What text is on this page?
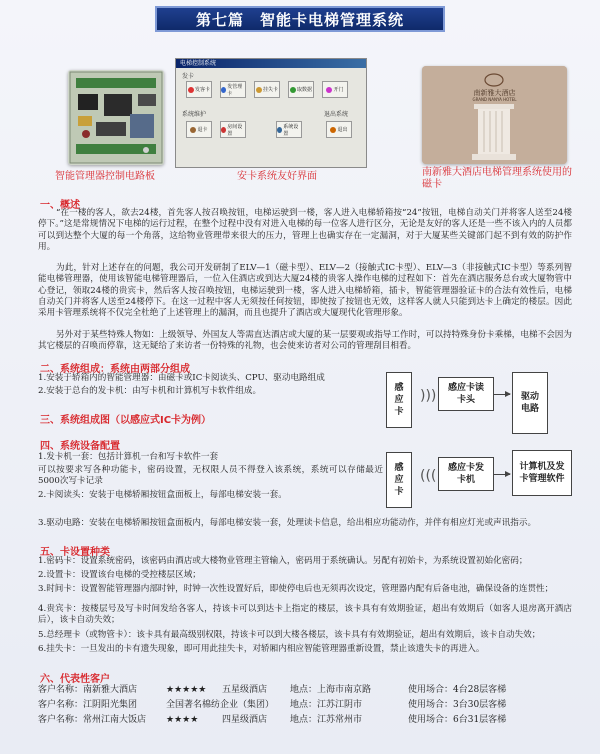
第七篇 智能卡电梯管理系统
智能管理器控制电路板
电梯控制系统
发卡
发客卡
发管理卡
挂失卡	取数据	开门
系统维护	退出系统
退卡
房间设置
系统设置
退出
安卡系统友好界面
南新雅大酒店
GRAND NANYA HOTEL
南新雅大酒店电梯管理系统使用的磁卡
一、概述

“在一楼的客人，欲去24楼，首先客人按召唤按钮，电梯运驶到一楼，客人进入电梯轿箱按“24”按钮，电梯自动关门并将客人送至24楼停下。”这是常规情况下电梯的运行过程，在整个过程中没有对进入电梯的每一位客人进行区分，无论是友好的客人还是一些不该入内的人员都可以到达整个大厦的每一个角落，这给物业管理带来很大的压力，管理上也确实存在一定漏洞，对于大厦某些关键部门起不到有效的防护作用。

为此，针对上述存在的问题，我公司开发研制了ELV—1（磁卡型）、ELV—2（接触式IC卡型）、ELV—3（非接触式IC卡型）等系列智能电梯管理器，使用该智能电梯管理器后，一位入住酒店或到达大厦24楼的贵客人操作电梯的过程如下：首先在酒店服务总台或大厦物管中心登记，领取24楼的贵宾卡，然后客人按召唤按钮，电梯运驶到一楼，客人进入电梯轿箱，插卡，智能管理器验证卡的合法有效性后，电梯自动关门并将客人送至24楼停下。在这一过程中客人无须按任何按钮，即使按了按钮也无效，这样客人就人只能到达卡上确定的楼层。因此采用卡管理系统将不仅完全杜绝了上述管理上的漏洞，而且也提升了酒店或大厦现代化管理形象。

另外对于某些特殊人物如：上级领导、外国友人等需直达酒店或大厦的某一层要观或指导工作时，可以持特殊身份卡乘梯，电梯不会因为其它楼层的召唤而停靠，这无疑给了来访者一份特殊的礼物，也会使来访者对公司的管理刮目相看。

二、系统组成：系统由两部分组成
1.安装于轿箱内的智能管理器：由磁卡或IC卡阅读头、CPU、驱动电路组成
2.安装于总台的发卡机：由写卡机和计算机写卡软件组成。
三、系统组成图（以感应式IC卡为例）
四、系统设备配置
1.发卡机一套：包括计算机一台和写卡软件一套
可以按要求写各种功能卡，密码设置，无权限人员不得登入该系统，系统可以存储最近5000次写卡记录
2.卡阅读头：安装于电梯轿厢按钮盒面板上，每部电梯安装一套。
3.驱动电路：安装在电梯轿厢按钮盒面板内，每部电梯安装一套，处理读卡信息，给出相应功能动作，并伴有相应灯光或声讯指示。
感应卡
)))	感应卡读卡头	驱动电路
感应卡
(((	感应卡发卡机
计算机及发卡管理软件
五、卡设置种类
1.密码卡：设置系统密码，该密码由酒店或大楼物业管理主管输入，密码用于系统确认。另配有初始卡，为系统设置初始化密码；
2.设置卡：设置该台电梯的受控楼层区域；
3.时间卡：设置智能管理器内部时钟，时钟一次性设置好后，即使停电后也无须再次设定，管理器内配有后备电池，确保设备的连贯性；
4.贵宾卡：按楼层号及写卡时间发给各客人，持该卡可以到达卡上指定的楼层，该卡具有有效期验证，超出有效期后（如客人退房离开酒店后），该卡自动失效；
5.总经理卡（或物管卡）：该卡具有最高级别权限，持该卡可以到大楼各楼层，该卡具有有效期验证，超出有效期后，该卡自动失效；
6.挂失卡：一旦发出的卡有遗失现象，即可用此挂失卡，对轿厢内相应智能管理器重新设置，禁止该遗失卡的再进入。
六、代表性客户
客户名称：南新雅大酒店	★★★★★ 五星级酒店	地点：上海市南京路	使用场合：4台28层客梯
客户名称：江阴阳光集团	全国著名棉纺企业（集团） 地点：江苏江阴市	使用场合：3台30层客梯
客户名称：常州江南大饭店 ★★★★	四星级酒店	地点：江苏常州市	使用场合：6台31层客梯
